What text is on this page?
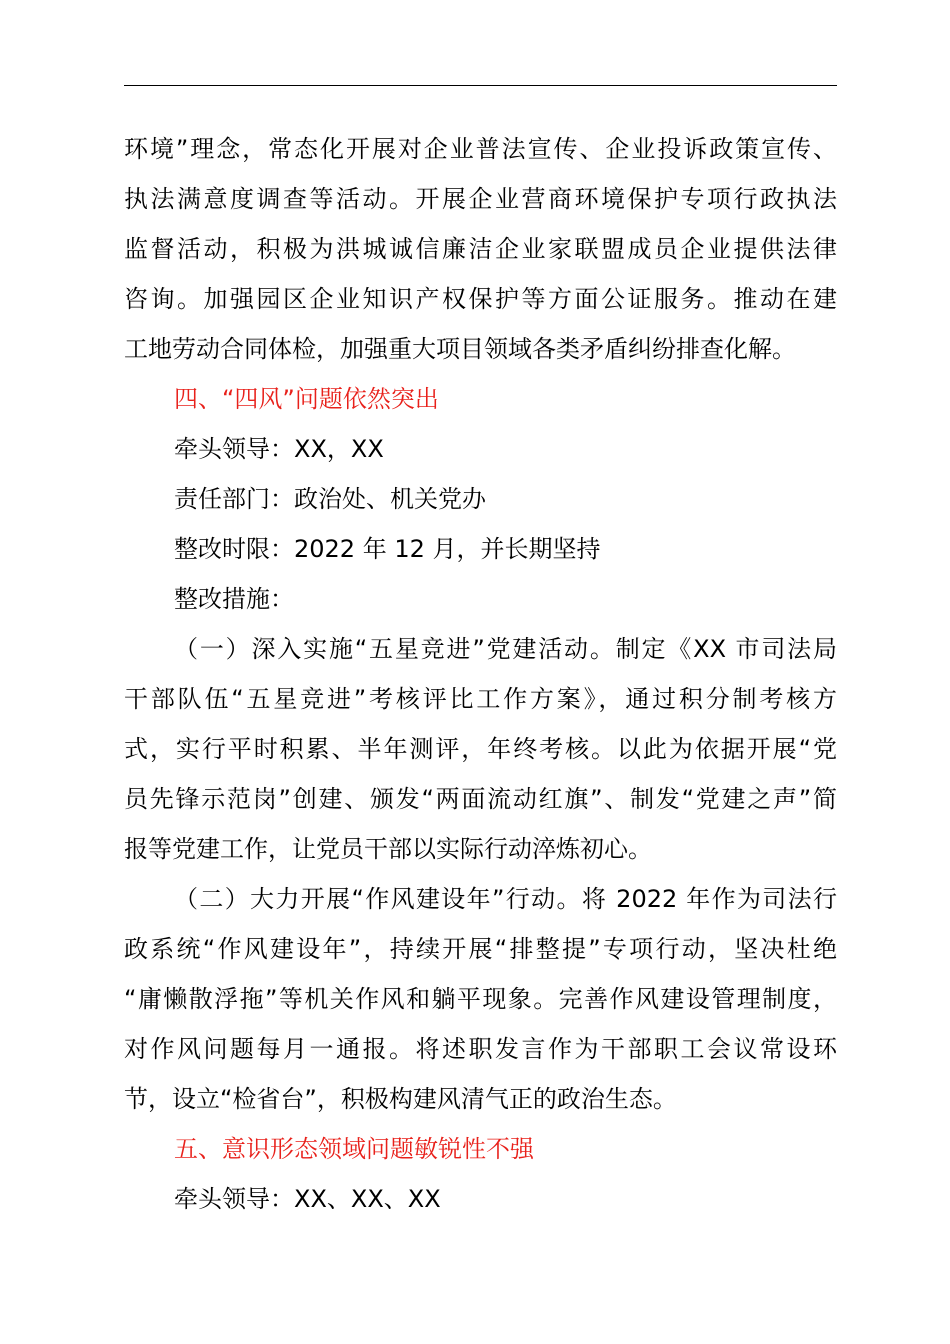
环境”理念，常态化开展对企业普法宣传、企业投诉政策宣传、
执法满意度调查等活动。开展企业营商环境保护专项行政执法
监督活动，积极为洪城诚信廉洁企业家联盟成员企业提供法律
咨询。加强园区企业知识产权保护等方面公证服务。推动在建
工地劳动合同体检，加强重大项目领域各类矛盾纠纷排查化解。
四、“四风”问题依然突出
牵头领导：XX，XX
责任部门：政治处、机关党办
整改时限：2022 年 12 月，并长期坚持
整改措施：
（一）深入实施“五星竞进”党建活动。制定《XX 市司法局
干部队伍“五星竞进”考核评比工作方案》，通过积分制考核方
式，实行平时积累、半年测评，年终考核。以此为依据开展“党
员先锋示范岗”创建、颁发“两面流动红旗”、制发“党建之声”简
报等党建工作，让党员干部以实际行动淬炼初心。
（二）大力开展“作风建设年”行动。将 2022 年作为司法行
政系统“作风建设年”，持续开展“排整提”专项行动，坚决杜绝
“庸懒散浮拖”等机关作风和躺平现象。完善作风建设管理制度，
对作风问题每月一通报。将述职发言作为干部职工会议常设环
节，设立“检省台”，积极构建风清气正的政治生态。
五、意识形态领域问题敏锐性不强
牵头领导：XX、XX、XX
